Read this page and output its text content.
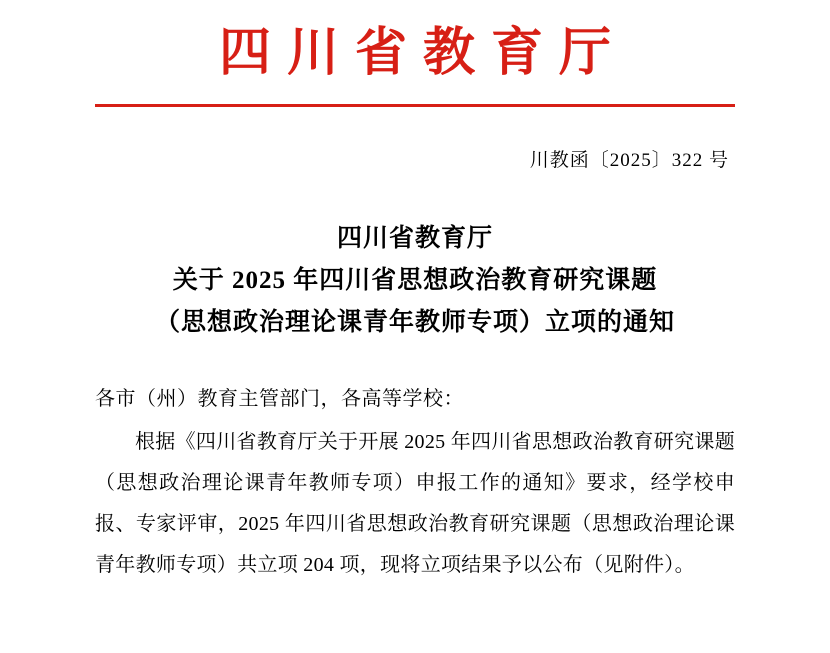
四川省教育厅
川教函〔2025〕322 号
四川省教育厅
关于 2025 年四川省思想政治教育研究课题
（思想政治理论课青年教师专项）立项的通知
各市（州）教育主管部门，各高等学校：

根据《四川省教育厅关于开展 2025 年四川省思想政治教育研究课题（思想政治理论课青年教师专项）申报工作的通知》要求，经学校申报、专家评审，2025 年四川省思想政治教育研究课题（思想政治理论课青年教师专项）共立项 204 项，现将立项结果予以公布（见附件）。
